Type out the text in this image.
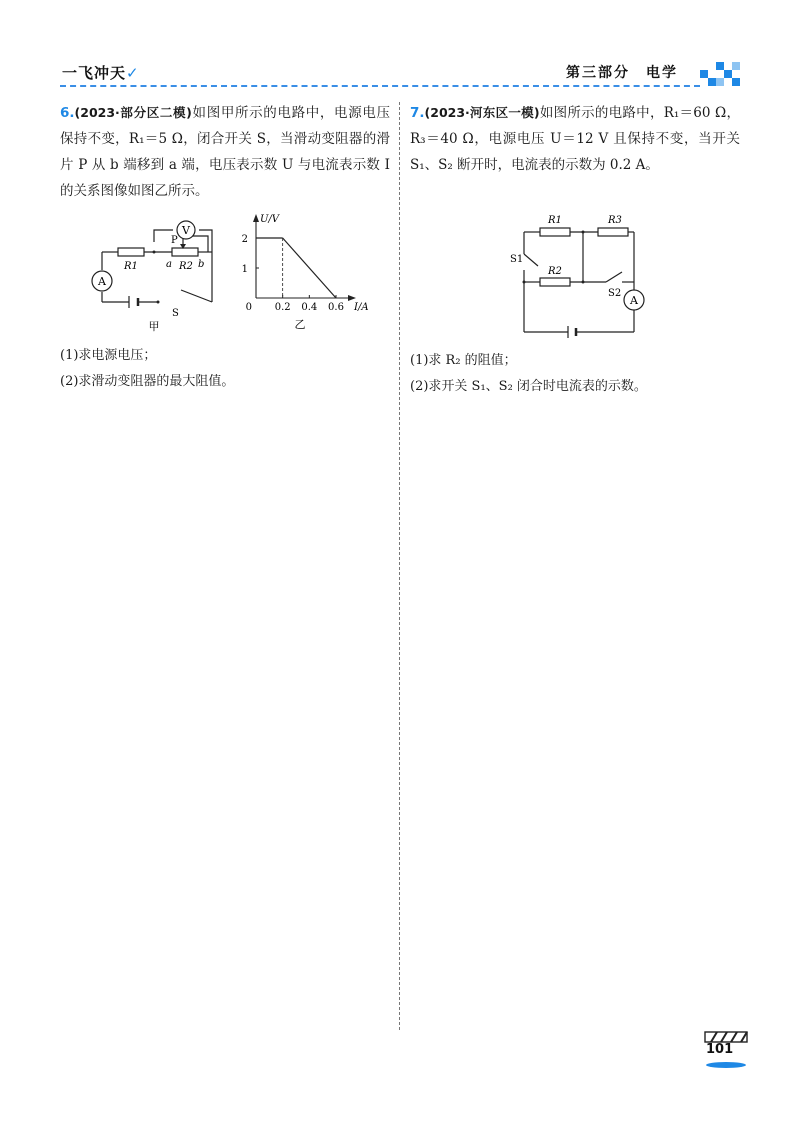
一飞冲天✓	第三部分　电学

6.(2023·部分区二模)如图甲所示的电路中，电源电压保持不变，R₁＝5 Ω，闭合开关 S，当滑动变阻器的滑片 P 从 b 端移到 a 端，电压表示数 U 与电流表示数 I 的关系图像如图乙所示。

V
A
P
R1	a R2 b
S
甲
0.2 0.4 0.6
1
2
U/V
I/A
0
乙

(1)求电源电压；

(2)求滑动变阻器的最大阻值。

7.(2023·河东区一模)如图所示的电路中，R₁＝60 Ω，R₃＝40 Ω，电源电压 U＝12 V 且保持不变，当开关 S₁、S₂ 断开时，电流表的示数为 0.2 A。

R1	R3
R2
S1
S2
A

(1)求 R₂ 的阻值；

(2)求开关 S₁、S₂ 闭合时电流表的示数。

101
